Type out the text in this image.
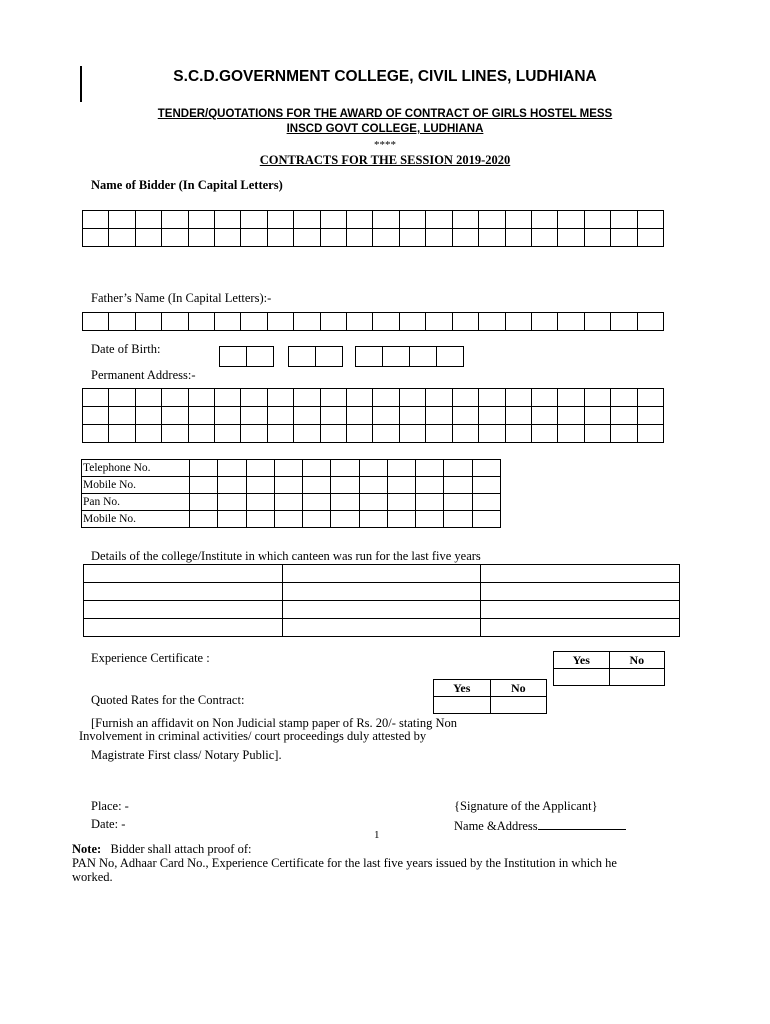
S.C.D.GOVERNMENT COLLEGE, CIVIL LINES, LUDHIANA
TENDER/QUOTATIONS FOR THE AWARD OF CONTRACT OF GIRLS HOSTEL MESS
INSCD GOVT COLLEGE, LUDHIANA
****
CONTRACTS FOR THE SESSION 2019-2020
Name of Bidder (In Capital Letters)

Father’s Name (In Capital Letters):-

Date of Birth:
Permanent Address:-

Telephone No.											
Mobile No.											
Pan No.											
Mobile No.											
Details of the college/Institute in which canteen was run for the last five years

Experience Certificate :	Yes	No

Yes	No

Quoted Rates for the Contract:
[Furnish an affidavit on Non Judicial stamp paper of Rs. 20/- stating Non
Involvement in criminal activities/ court proceedings duly attested by
Magistrate First class/ Notary Public].
Place: -	{Signature of the Applicant}
Date: -	Name &Address
1
Note: Bidder shall attach proof of:
PAN No, Adhaar Card No., Experience Certificate for the last five years issued by the Institution in which he
worked.
